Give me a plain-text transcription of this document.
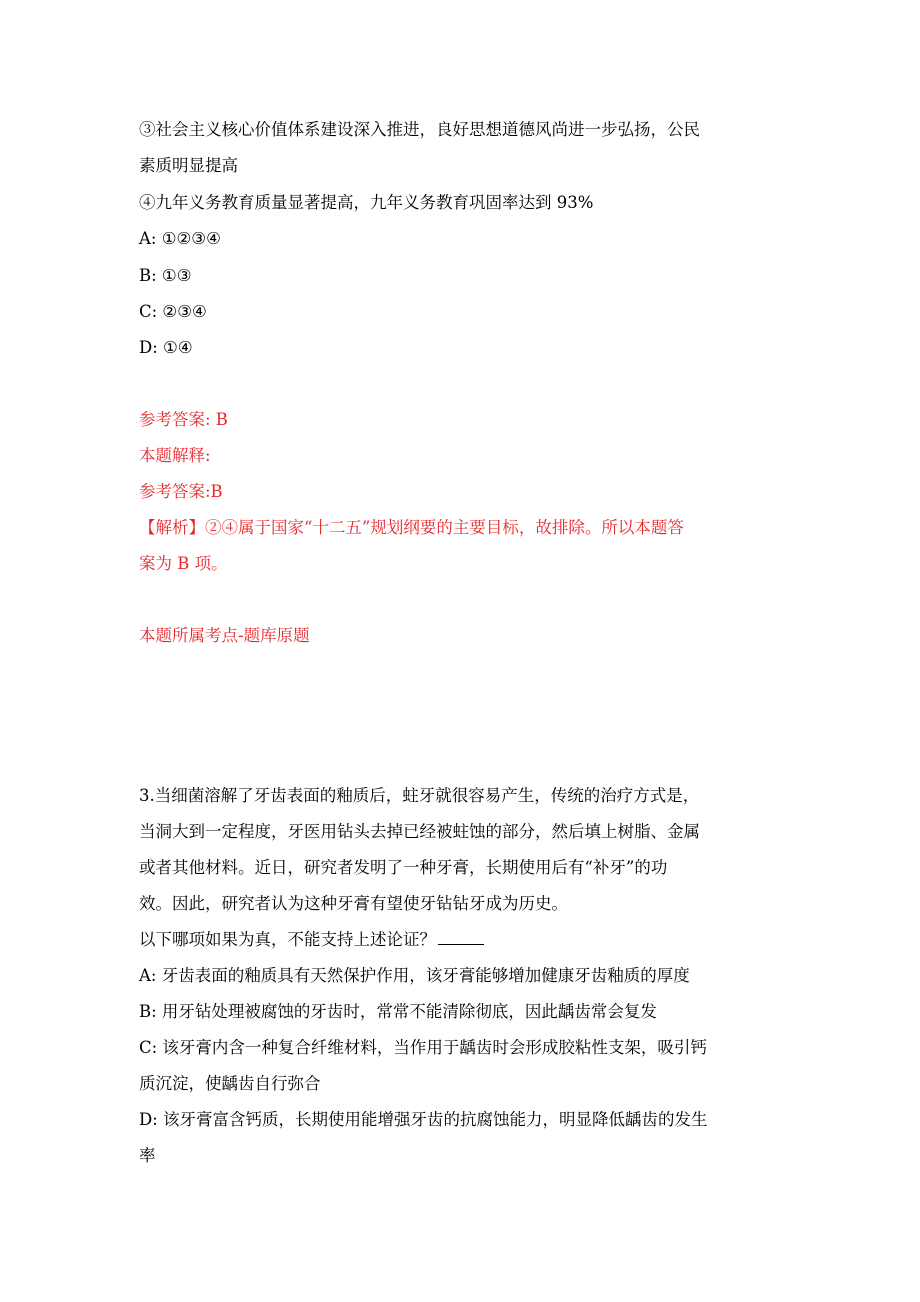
③社会主义核心价值体系建设深入推进，良好思想道德风尚进一步弘扬，公民
素质明显提高
④九年义务教育质量显著提高，九年义务教育巩固率达到 93%
A: ①②③④
B: ①③
C: ②③④
D: ①④
参考答案: B
本题解释:
参考答案:B
【解析】②④属于国家“十二五”规划纲要的主要目标，故排除。所以本题答
案为 B 项。
本题所属考点-题库原题
3.当细菌溶解了牙齿表面的釉质后，蛀牙就很容易产生，传统的治疗方式是，
当洞大到一定程度，牙医用钻头去掉已经被蛀蚀的部分，然后填上树脂、金属
或者其他材料。近日，研究者发明了一种牙膏，长期使用后有“补牙”的功
效。因此，研究者认为这种牙膏有望使牙钻钻牙成为历史。
以下哪项如果为真，不能支持上述论证？
A: 牙齿表面的釉质具有天然保护作用，该牙膏能够增加健康牙齿釉质的厚度
B: 用牙钻处理被腐蚀的牙齿时，常常不能清除彻底，因此龋齿常会复发
C: 该牙膏内含一种复合纤维材料，当作用于龋齿时会形成胶粘性支架，吸引钙
质沉淀，使龋齿自行弥合
D: 该牙膏富含钙质，长期使用能增强牙齿的抗腐蚀能力，明显降低龋齿的发生
率
